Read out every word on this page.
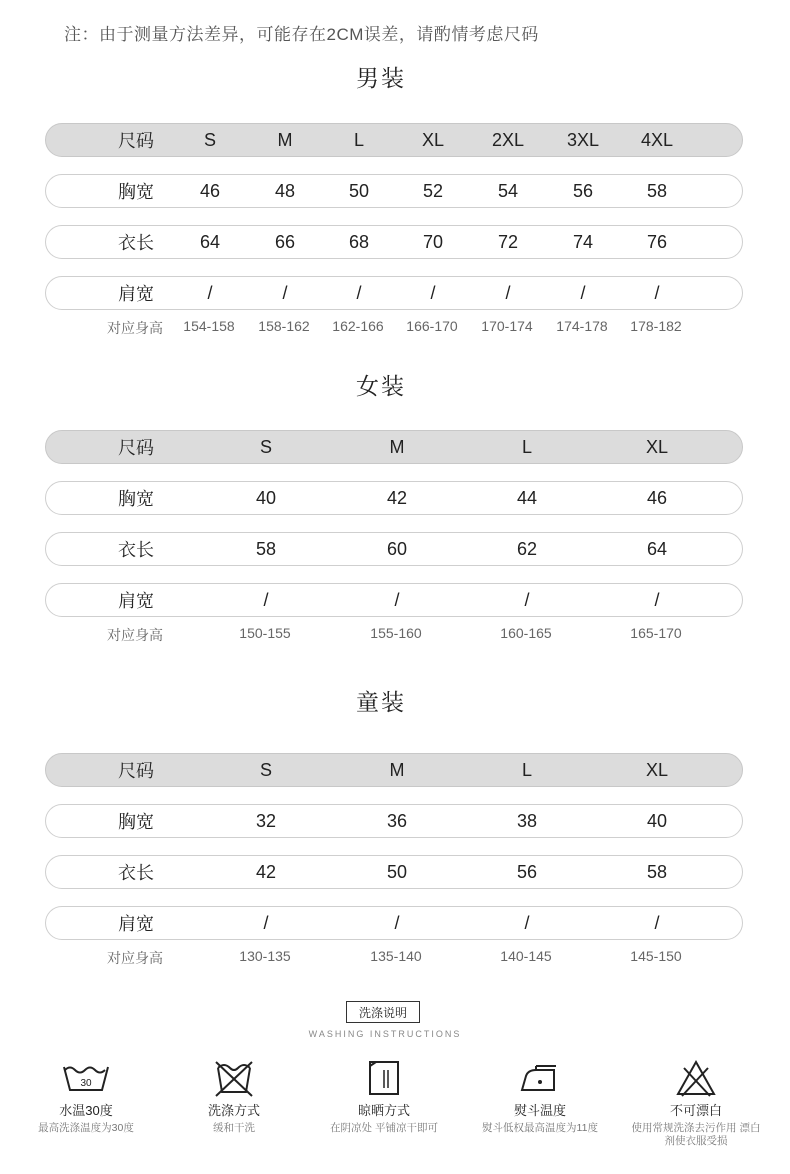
注：由于测量方法差异，可能存在2CM误差，请酌情考虑尺码
男装
尺码	S	M	L	XL	2XL 3XL 4XL
胸宽	46	48	50	52	54	56	58
衣长	64	66	68	70	72	74	76
肩宽	/	/	/	/	/	/	/
对应身高 154-158 158-162 162-166 166-170 170-174 174-178 178-182
女装
尺码	S	M	L	XL
胸宽	40	42	44	46
衣长	58	60	62	64
肩宽	/	/	/	/
对应身高	150-155	155-160	160-165	165-170
童装
尺码	S	M	L	XL
胸宽	32	36	38	40
衣长	42	50	56	58
肩宽	/	/	/	/
对应身高	130-135	135-140	140-145	145-150
洗涤说明
WASHING INSTRUCTIONS
30
水温30度
最高洗涤温度为30度
洗涤方式
缓和干洗
晾晒方式
在阴凉处 平铺凉干即可
熨斗温度
熨斗低权最高温度为11度
不可漂白
使用常规洗涤去污作用 漂白剂使衣服受损
